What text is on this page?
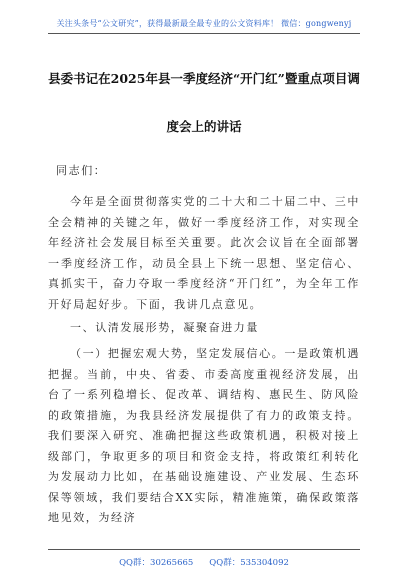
关注头条号“公文研究”，获得最新最全最专业的公文资料库！ 微信：gongwenyj
县委书记在2025年县一季度经济“开门红”暨重点项目调
度会上的讲话
同志们：
今年是全面贯彻落实党的二十大和二十届二中、三中全会精神的关键之年，做好一季度经济工作，对实现全年经济社会发展目标至关重要。此次会议旨在全面部署一季度经济工作，动员全县上下统一思想、坚定信心、真抓实干，奋力夺取一季度经济“开门红”，为全年工作开好局起好步。下面，我讲几点意见。
一、认清发展形势，凝聚奋进力量
（一）把握宏观大势，坚定发展信心。一是政策机遇把握。当前，中央、省委、市委高度重视经济发展，出台了一系列稳增长、促改革、调结构、惠民生、防风险的政策措施，为我县经济发展提供了有力的政策支持。我们要深入研究、准确把握这些政策机遇，积极对接上级部门，争取更多的项目和资金支持，将政策红利转化为发展动力比如，在基础设施建设、产业发展、生态环保等领域，我们要结合XX实际，精准施策，确保政策落地见效，为经济
QQ群：30265665 QQ群：535304092
